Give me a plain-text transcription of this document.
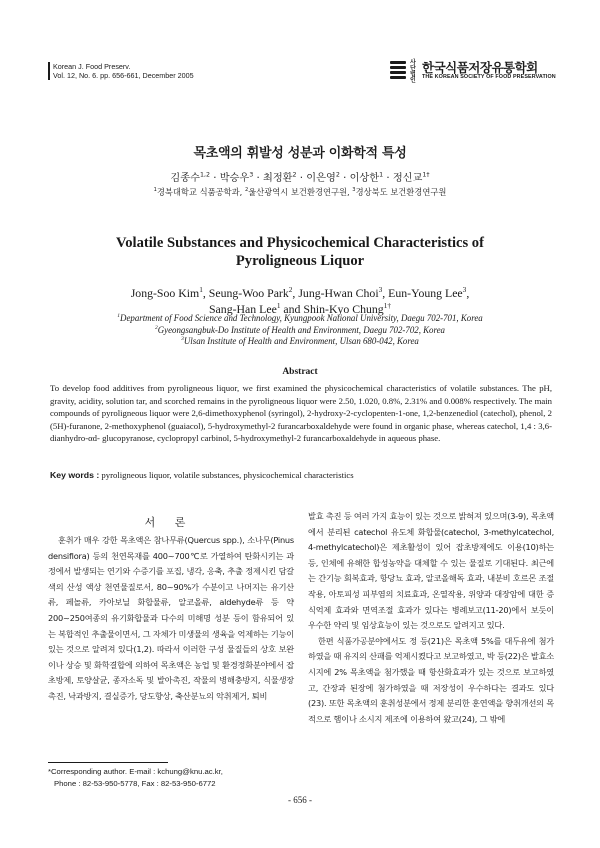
Korean J. Food Preserv.
Vol. 12, No. 6. pp. 656-661, December 2005
사단법인
한국식품저장유통학회
THE KOREAN SOCIETY OF FOOD PRESERVATION
목초액의 휘발성 성분과 이화학적 특성
김종수$^{1,2}$ · 박승우$^3$ · 최정환$^2$ · 이은영$^2$ · 이상한$^1$ · 정신교$^{1\dagger}$
$^1$경북대학교 식품공학과, $^2$울산광역시 보건환경연구원, $^3$경상북도 보건환경연구원
Volatile Substances and Physicochemical Characteristics of
Pyroligneous Liquor
Jong-Soo Kim$^1$, Seung-Woo Park$^2$, Jung-Hwan Choi$^3$, Eun-Young Lee$^3$,
Sang-Han Lee$^1$ and Shin-Kyo Chung$^{1\dagger}$
$^1$Department of Food Science and Technology, Kyungpook National University, Daegu 702-701, Korea
$^2$Gyeongsangbuk-Do Institute of Health and Environment, Daegu 702-702, Korea
$^3$Ulsan Institute of Health and Environment, Ulsan 680-042, Korea
Abstract
To develop food additives from pyroligneous liquor, we first examined the physicochemical characteristics of volatile substances. The pH, gravity, acidity, solution tar, and scorched remains in the pyroligneous liquor were 2.50, 1.020, 0.8%, 2.31% and 0.008% respectively. The main compounds of pyroligneous liquor were 2,6-dimethoxyphenol (syringol), 2-hydroxy-2-cyclopenten-1-one, 1,2-benzenediol (catechol), phenol, 2 (5H)-furanone, 2-methoxyphenol (guaiacol), 5-hydroxymethyl-2 furancarboxaldehyde were found in organic phase, whereas catechol, 1,4 : 3,6-dianhydro-αd- glucopyranose, cyclopropyl carbinol, 5-hydroxymethyl-2 furancarboxaldehyde in aqueous phase.
Key words : pyroligneous liquor, volatile substances, physicochemical characteristics
서 론

훈취가 매우 강한 목초액은 참나무류(Quercus spp.), 소나무(Pinus densiflora) 등의 천연목재를 400~700℃로 가열하여 탄화시키는 과정에서 발생되는 연기와 수증기를 포집, 냉각, 응축, 추출 정제시킨 담갈색의 산성 액상 천연물질로서, 80~90%가 수분이고 나머지는 유기산류, 페놀류, 카아보닐 화합물류, 알코올류, aldehyde류 등 약 200~250여종의 유기화합물과 다수의 미해명 성분 등이 함유되어 있는 복합적인 추출물이면서, 그 자체가 미생물의 생육을 억제하는 기능이 있는 것으로 알려져 있다(1,2). 따라서 이러한 구성 물질들의 상호 보완이나 상승 및 화학결합에 의하여 목초액은 농업 및 환경정화분야에서 잡초방제, 토양살균, 종자소독 및 발아촉진, 작물의 병해충방지, 식물생장 촉진, 낙과방지, 결실증가, 당도향상, 축산분뇨의 악취제거, 퇴비

발효 촉진 등 여러 가지 효능이 있는 것으로 밝혀져 있으며(3-9), 목초액에서 분리된 catechol 유도체 화합물(catechol, 3-methylcatechol, 4-methylcatechol)은 제초활성이 있어 잡초방제에도 이용(10)하는 등, 인체에 유해한 합성농약을 대체할 수 있는 물질로 기대된다. 최근에는 간기능 회복효과, 항당뇨 효과, 알코올해독 효과, 내분비 호르몬 조절작용, 아토피성 피부염의 치료효과, 온열작용, 위양과 대장암에 대한 증식억제 효과와 면역조절 효과가 있다는 병례보고(11-20)에서 보듯이 우수한 약리 및 임상효능이 있는 것으로도 알려지고 있다.

한편 식품가공분야에서도 정 등(21)은 목초액 5%를 대두유에 첨가하였을 때 유지의 산패를 억제시켰다고 보고하였고, 박 등(22)은 발효소시지에 2% 목초액을 첨가했을 때 항산화효과가 있는 것으로 보고하였고, 간장과 된장에 첨가하였을 때 저장성이 우수하다는 결과도 있다(23). 또한 목초액의 훈취성분에서 정제 분리한 훈연액을 향취개선의 목적으로 햄이나 소시지 제조에 이용하여 왔고(24), 그 밖에

*Corresponding author. E-mail : kchung@knu.ac.kr,
Phone : 82-53-950-5778, Fax : 82-53-950-6772
- 656 -
